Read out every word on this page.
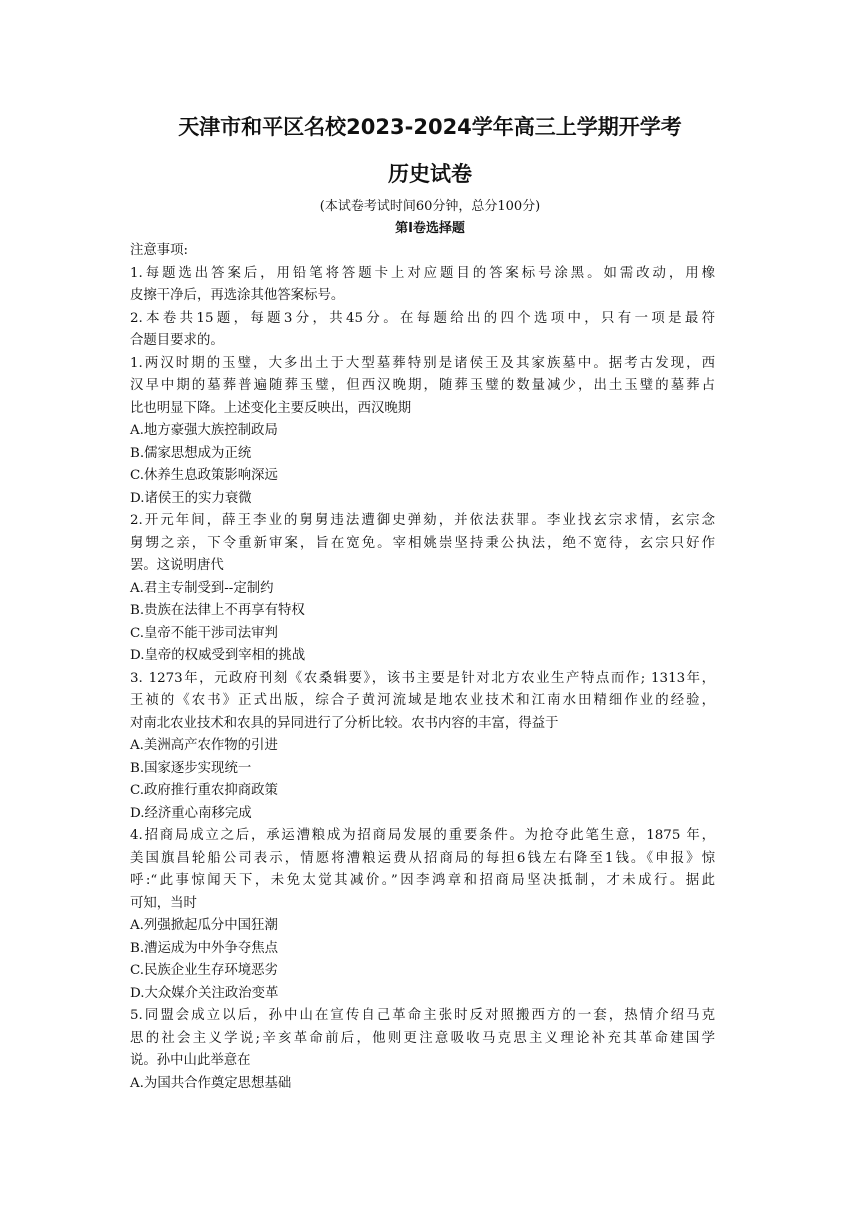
天津市和平区名校2023-2024学年高三上学期开学考
历史试卷
(本试卷考试时间60分钟，总分100分)
第I卷选择题
注意事项:
1.每题选出答案后，用铅笔将答题卡上对应题目的答案标号涂黑。如需改动，用橡
皮擦干净后，再选涂其他答案标号。
2.本卷共15题，每题3分，共45分。在每题给出的四个选项中，只有一项是最符
合题目要求的。
1.两汉时期的玉璧，大多出土于大型墓葬特别是诸侯王及其家族墓中。据考古发现，西
汉早中期的墓葬普遍随葬玉璧，但西汉晚期，随葬玉璧的数量减少，出土玉璧的墓葬占
比也明显下降。上述变化主要反映出，西汉晚期
A.地方豪强大族控制政局
B.儒家思想成为正统
C.休养生息政策影响深远
D.诸侯王的实力衰微
2.开元年间，薛王李业的舅舅违法遭御史弹劾，并依法获罪。李业找玄宗求情，玄宗念
舅甥之亲，下令重新审案，旨在宽免。宰相姚崇坚持秉公执法，绝不宽待，玄宗只好作
罢。这说明唐代
A.君主专制受到--定制约
B.贵族在法律上不再享有特权
C.皇帝不能干涉司法审判
D.皇帝的权威受到宰相的挑战
3. 1273年，元政府刊刻《农桑辑要》，该书主要是针对北方农业生产特点而作; 1313年，
王祯的《农书》正式出版，综合子黄河流域是地农业技术和江南水田精细作业的经验，
对南北农业技术和农具的异同进行了分析比较。农书内容的丰富，得益于
A.美洲高产农作物的引进
B.国家逐步实现统一
C.政府推行重农抑商政策
D.经济重心南移完成
4.招商局成立之后，承运漕粮成为招商局发展的重要条件。为抢夺此笔生意，1875 年，
美国旗昌轮船公司表示，情愿将漕粮运费从招商局的每担6钱左右降至1钱。《申报》惊
呼:“此事惊闻天下，未免太觉其减价。”因李鸿章和招商局坚决抵制，才未成行。据此
可知，当时
A.列强掀起瓜分中国狂潮
B.漕运成为中外争夺焦点
C.民族企业生存环境恶劣
D.大众媒介关注政治变革
5.同盟会成立以后，孙中山在宣传自己革命主张时反对照搬西方的一套，热情介绍马克
思的社会主义学说;辛亥革命前后，他则更注意吸收马克思主义理论补充其革命建国学
说。孙中山此举意在
A.为国共合作奠定思想基础
